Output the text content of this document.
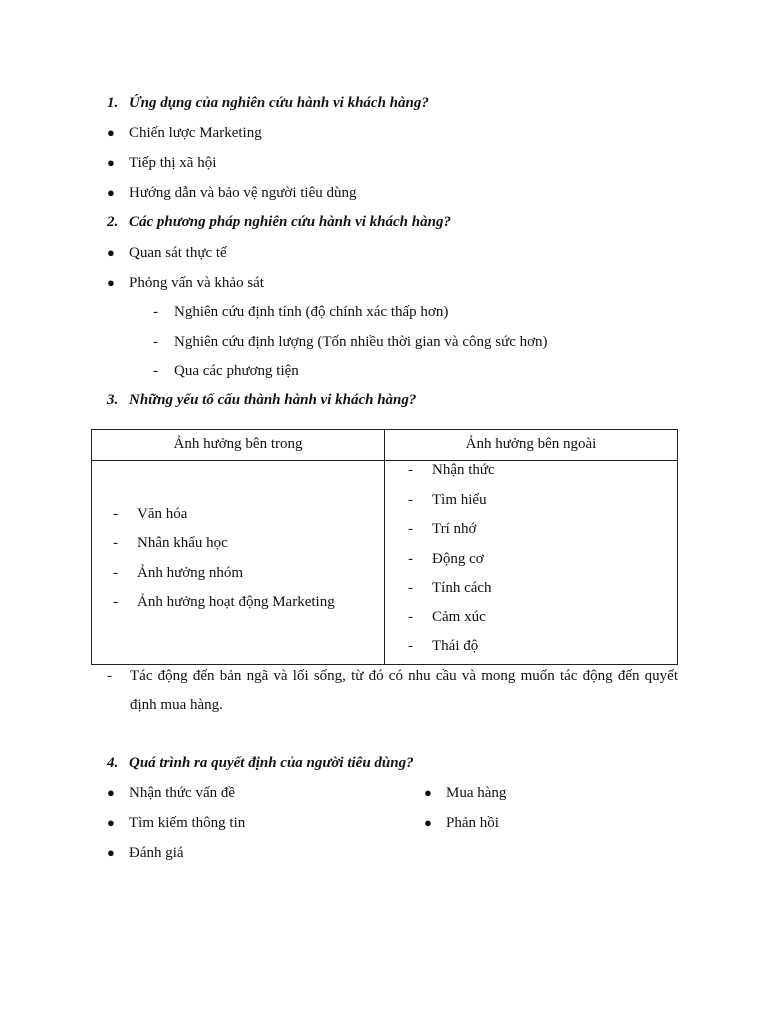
1. Ứng dụng của nghiên cứu hành vi khách hàng?
● Chiến lược Marketing
● Tiếp thị xã hội
● Hướng dẫn và bảo vệ người tiêu dùng
2. Các phương pháp nghiên cứu hành vi khách hàng?
● Quan sát thực tế
● Phỏng vấn và khảo sát
- Nghiên cứu định tính (độ chính xác thấp hơn)
- Nghiên cứu định lượng (Tốn nhiều thời gian và công sức hơn)
- Qua các phương tiện
3. Những yếu tố cấu thành hành vi khách hàng?
Ảnh hưởng bên trong	Ảnh hưởng bên ngoài
- Văn hóa
- Nhân khẩu học
- Ảnh hưởng nhóm
- Ảnh hưởng hoạt động Marketing
- Nhận thức
- Tìm hiểu
- Trí nhớ
- Động cơ
- Tính cách
- Cảm xúc
- Thái độ
-	Tác động đến bản ngã và lối sống, từ đó có nhu cầu và mong muốn tác động đến quyết định mua hàng.
4. Quá trình ra quyết định của người tiêu dùng?
● Nhận thức vấn đề
● Tìm kiếm thông tin
● Đánh giá
● Mua hàng
● Phản hồi
